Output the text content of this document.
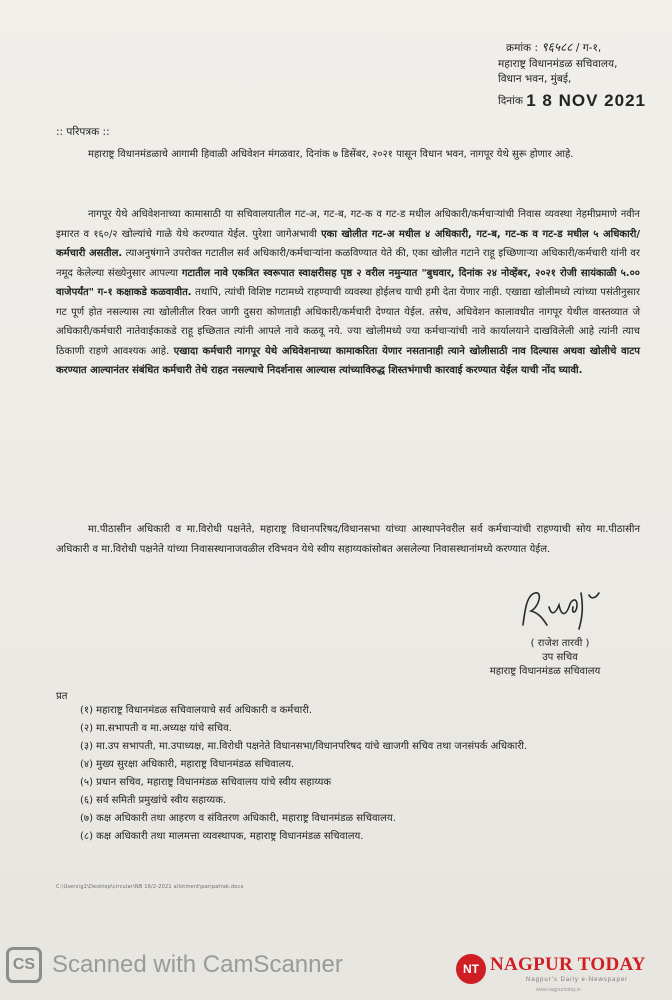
क्रमांक : ९६५८८ / ग-१,
महाराष्ट्र विधानमंडळ सचिवालय,
विधान भवन, मुंबई,
दिनांक 1 8 NOV 2021
:: परिपत्रक ::

महाराष्ट्र विधानमंडळाचे आगामी हिवाळी अधिवेशन मंगळवार, दिनांक ७ डिसेंबर, २०२१ पासून विधान भवन, नागपूर येथे सुरू होणार आहे.

नागपूर येथे अधिवेशनाच्या कामासाठी या सचिवालयातील गट-अ, गट-ब, गट-क व गट-ड मधील अधिकारी/कर्मचाऱ्यांची निवास व्यवस्था नेहमीप्रमाणे नवीन इमारत व १६०/२ खोल्यांचे गाळे येथे करण्यात येईल. पुरेशा जागेअभावी एका खोलीत गट-अ मधील ४ अधिकारी, गट-ब, गट-क व गट-ड मधील ५ अधिकारी/कर्मचारी असतील. त्याअनुषंगाने उपरोक्त गटातील सर्व अधिकारी/कर्मचाऱ्यांना कळविण्यात येते की, एका खोलीत गटाने राहू इच्छिणाऱ्या अधिकारी/कर्मचारी यांनी वर नमूद केलेल्या संख्येनुसार आपल्या गटातील नावे एकत्रित स्वरूपात स्वाक्षरीसह पृष्ठ २ वरील नमुन्यात "बुधवार, दिनांक २४ नोव्हेंबर, २०२१ रोजी सायंकाळी ५.०० वाजेपर्यंत" ग-१ कक्षाकडे कळवावीत. तथापि, त्यांची विशिष्ट गटामध्ये राहण्याची व्यवस्था होईलच याची हमी देता येणार नाही. एखाद्या खोलीमध्ये त्यांच्या पसंतीनुसार गट पूर्ण होत नसल्यास त्या खोलीतील रिक्त जागी दुसरा कोणताही अधिकारी/कर्मचारी देण्यात येईल. तसेच, अधिवेशन कालावधीत नागपूर येथील वास्तव्यात जे अधिकारी/कर्मचारी नातेवाईकाकडे राहू इच्छितात त्यांनी आपले नावे कळवू नये. ज्या खोलीमध्ये ज्या कर्मचाऱ्यांची नावे कार्यालयाने दाखविलेली आहे त्यांनी त्याच ठिकाणी राहणे आवश्यक आहे. एखादा कर्मचारी नागपूर येथे अधिवेशनाच्या कामाकरिता येणार नसतानाही त्याने खोलीसाठी नाव दिल्यास अथवा खोलीचे वाटप करण्यात आल्यानंतर संबंधित कर्मचारी तेथे राहत नसल्याचे निदर्शनास आल्यास त्यांच्याविरुद्ध शिस्तभंगाची कारवाई करण्यात येईल याची नोंद घ्यावी.

मा.पीठासीन अधिकारी व मा.विरोधी पक्षनेते, महाराष्ट्र विधानपरिषद/विधानसभा यांच्या आस्थापनेवरील सर्व कर्मचाऱ्यांची राहण्याची सोय मा.पीठासीन अधिकारी व मा.विरोधी पक्षनेते यांच्या निवासस्थानाजवळील रविभवन येथे स्वीय सहाय्यकांसोबत असलेल्या निवासस्थानांमध्ये करण्यात येईल.

( राजेश तारवी )
उप सचिव
महाराष्ट्र विधानमंडळ सचिवालय
प्रत
(१) महाराष्ट्र विधानमंडळ सचिवालयाचे सर्व अधिकारी व कर्मचारी.
(२) मा.सभापती व मा.अध्यक्ष यांचे सचिव.
(३) मा.उप सभापती, मा.उपाध्यक्ष, मा.विरोधी पक्षनेते विधानसभा/विधानपरिषद यांचे खाजगी सचिव तथा जनसंपर्क अधिकारी.
(४) मुख्य सुरक्षा अधिकारी, महाराष्ट्र विधानमंडळ सचिवालय.
(५) प्रधान सचिव, महाराष्ट्र विधानमंडळ सचिवालय यांचे स्वीय सहाय्यक
(६) सर्व समिती प्रमुखांचे स्वीय सहाय्यक.
(७) कक्ष अधिकारी तथा आहरण व संवितरण अधिकारी, महाराष्ट्र विधानमंडळ सचिवालय.
(८) कक्ष अधिकारी तथा मालमत्ता व्यवस्थापक, महाराष्ट्र विधानमंडळ सचिवालय.
C:\Users\g1\Desktop\circular\NB 16/2-2021 allotment\paripatrak.docx
CS Scanned with CamScanner	NT NAGPUR TODAY
Nagpur's Daily e-Newspaper
www.nagpurtoday.in
